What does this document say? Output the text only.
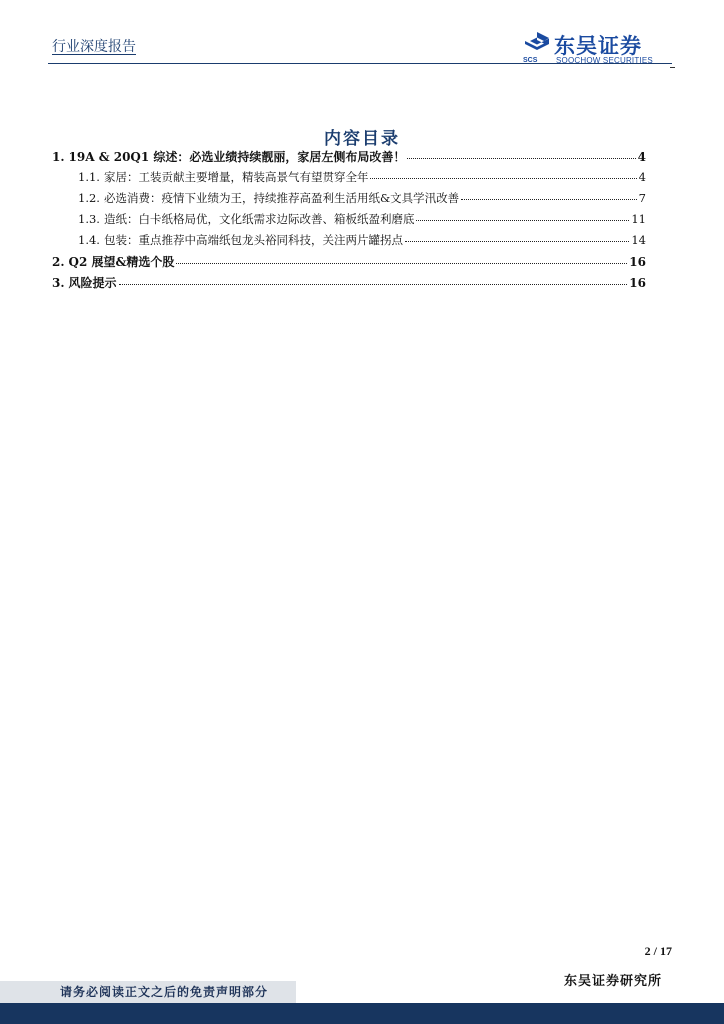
行业深度报告	东吴证券
SCS SOOCHOW SECURITIES
内容目录
1. 19A & 20Q1 综述：必选业绩持续靓丽，家居左侧布局改善！	4
1.1. 家居：工装贡献主要增量，精装高景气有望贯穿全年	4
1.2. 必选消费：疫情下业绩为王，持续推荐高盈利生活用纸&文具学汛改善	7
1.3. 造纸：白卡纸格局优，文化纸需求边际改善、箱板纸盈利磨底	11
1.4. 包装：重点推荐中高端纸包龙头裕同科技，关注两片罐拐点	14
2. Q2 展望&精选个股	16
3. 风险提示	16
2 / 17
东吴证券研究所
请务必阅读正文之后的免责声明部分
